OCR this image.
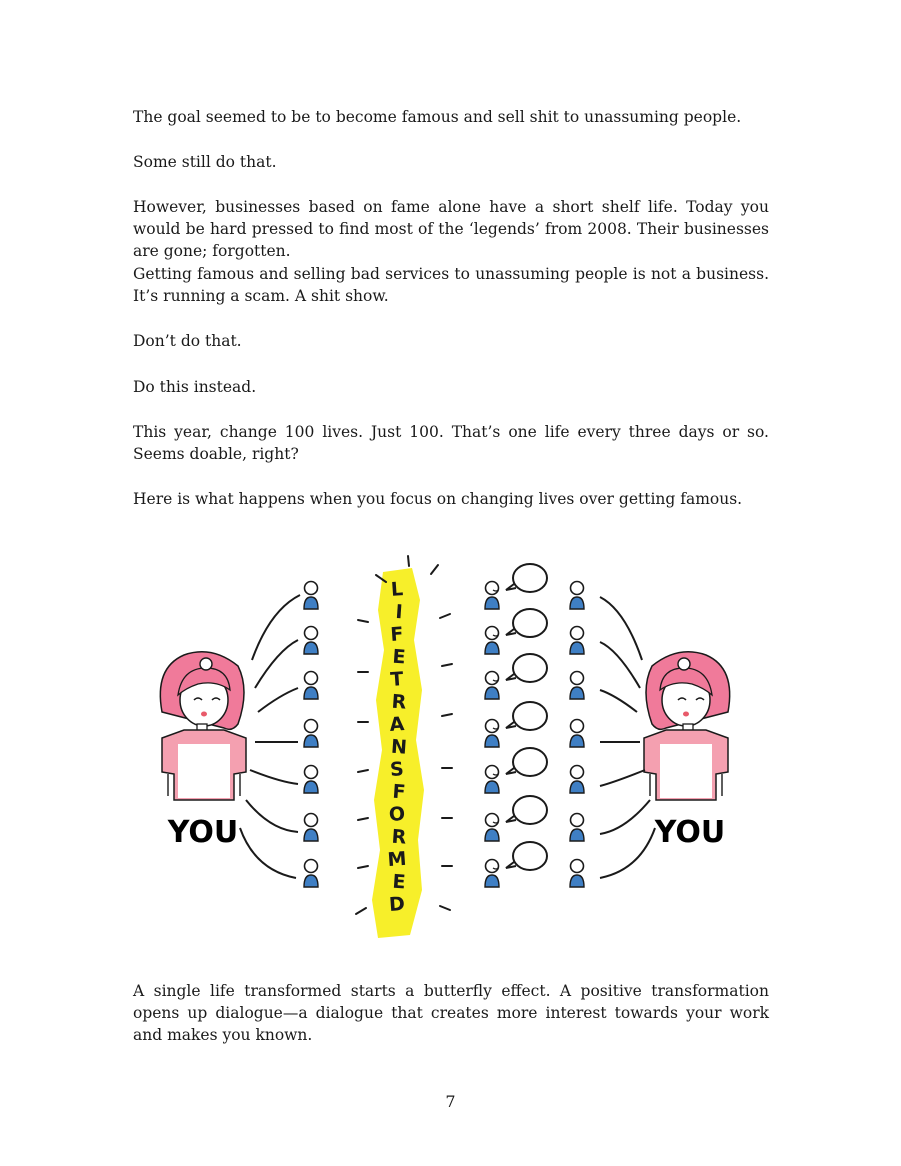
The goal seemed to be to become famous and sell shit to unassuming people.

Some still do that.

However, businesses based on fame alone have a short shelf life. Today you would be hard pressed to find most of the ‘legends’ from 2008. Their businesses are gone; forgotten.

Getting famous and selling bad services to unassuming people is not a business. It’s running a scam. A shit show.

Don’t do that.

Do this instead.

This year, change 100 lives. Just 100. That’s one life every three days or so. Seems doable, right?

Here is what happens when you focus on changing lives over getting famous.

L
I
F
E
T
R
A
N
S
F
O
R
M
E
D
YOU	YOU

A single life transformed starts a butterfly effect. A positive transformation opens up dialogue—a dialogue that creates more interest towards your work and makes you known.

7
